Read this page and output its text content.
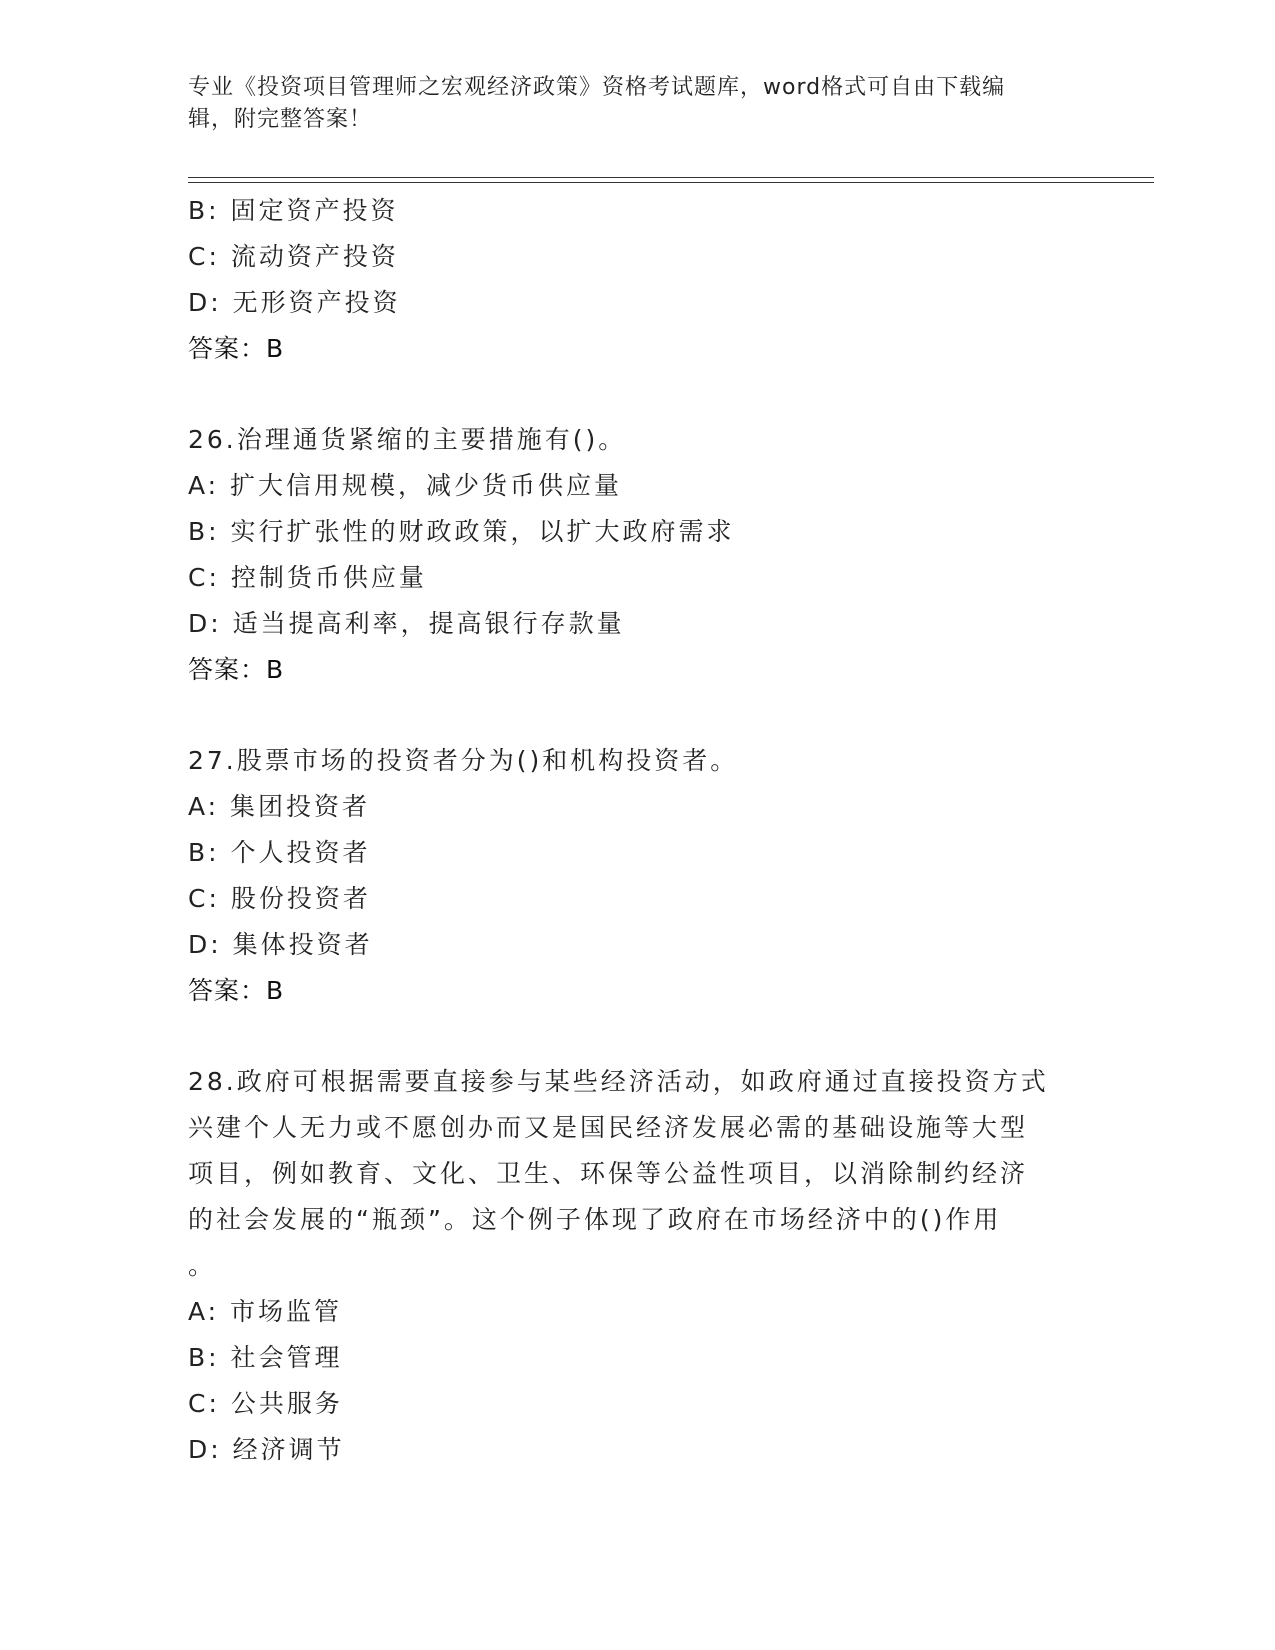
专业《投资项目管理师之宏观经济政策》资格考试题库，word格式可自由下载编
辑，附完整答案！
B: 固定资产投资
C: 流动资产投资
D: 无形资产投资
答案：B
26.治理通货紧缩的主要措施有()。
A: 扩大信用规模，减少货币供应量
B: 实行扩张性的财政政策，以扩大政府需求
C: 控制货币供应量
D: 适当提高利率，提高银行存款量
答案：B
27.股票市场的投资者分为()和机构投资者。
A: 集团投资者
B: 个人投资者
C: 股份投资者
D: 集体投资者
答案：B
28.政府可根据需要直接参与某些经济活动，如政府通过直接投资方式
兴建个人无力或不愿创办而又是国民经济发展必需的基础设施等大型
项目，例如教育、文化、卫生、环保等公益性项目，以消除制约经济
的社会发展的“瓶颈”。这个例子体现了政府在市场经济中的()作用
。
A: 市场监管
B: 社会管理
C: 公共服务
D: 经济调节
